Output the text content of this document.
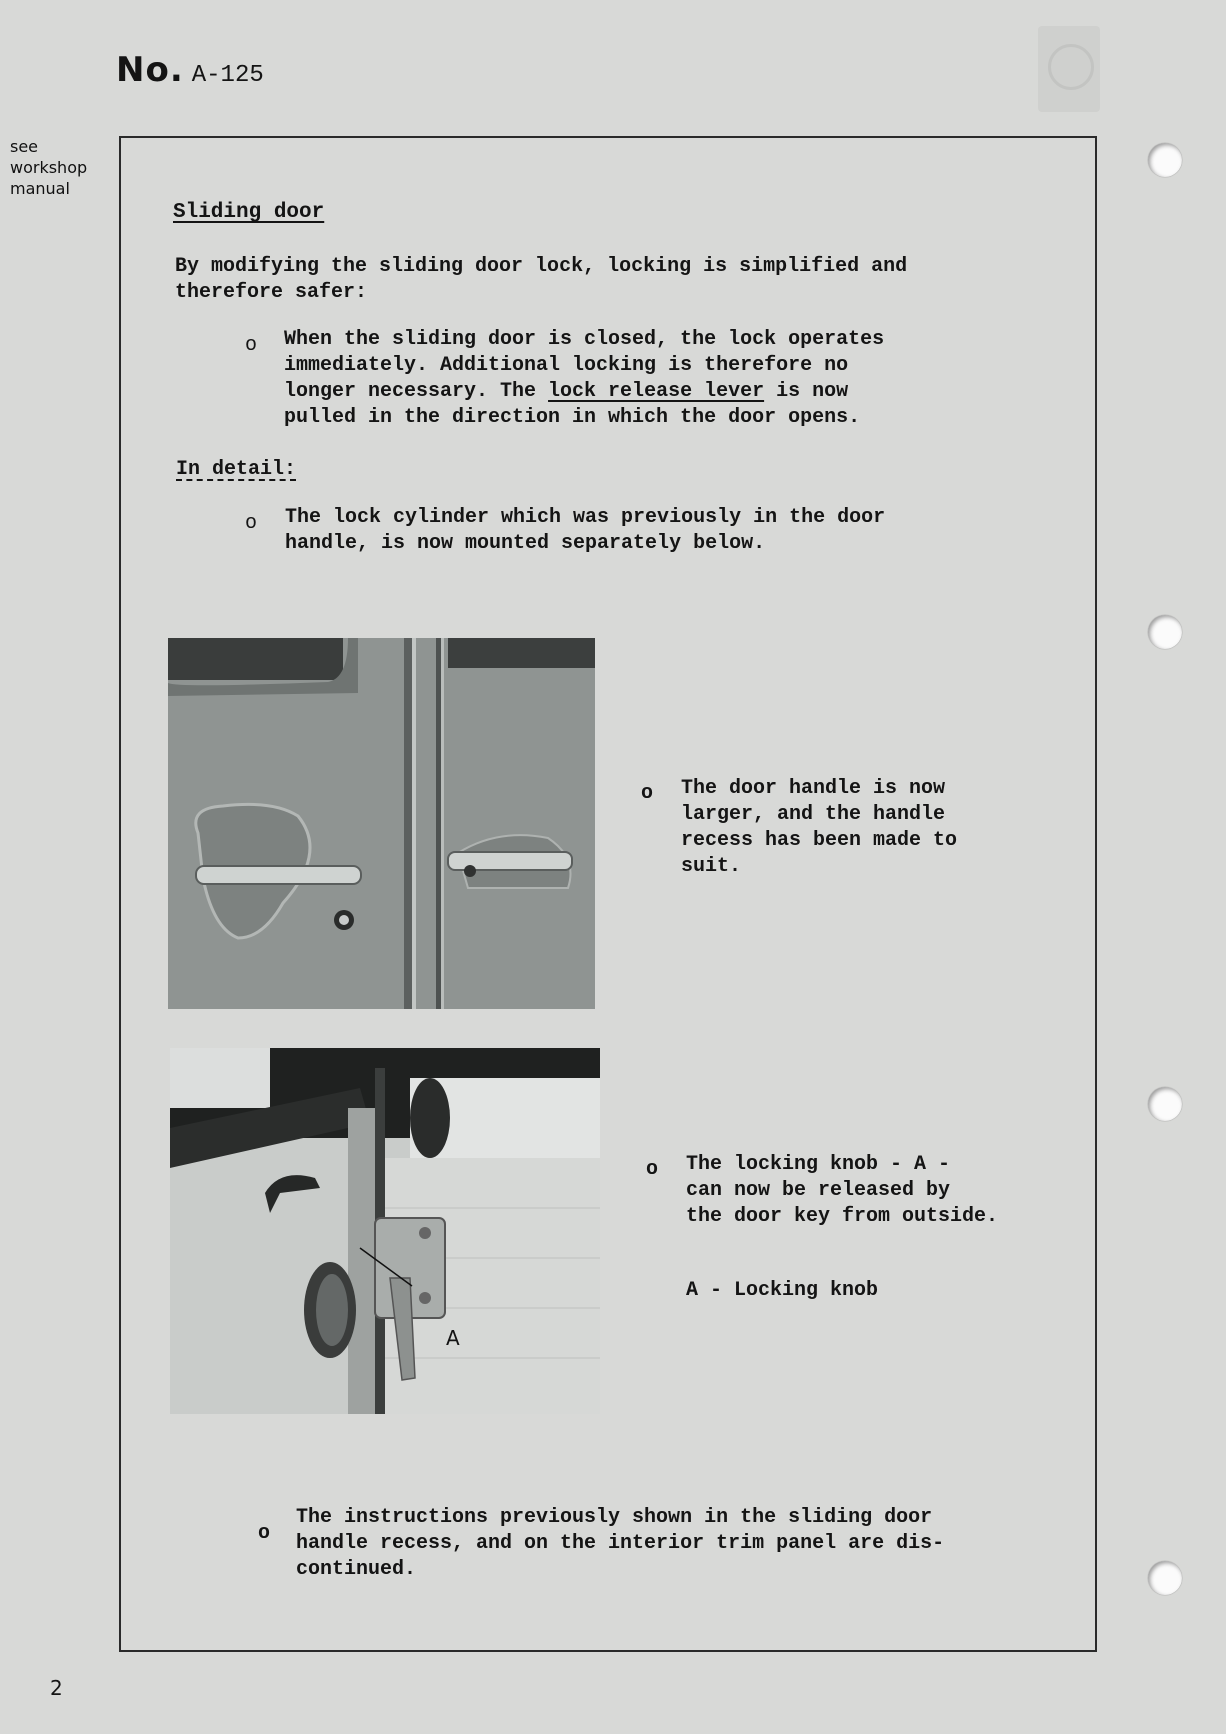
No. A-125
see
workshop
manual
Sliding door
By modifying the sliding door lock, locking is simplified and
therefore safer:
o When the sliding door is closed, the lock operates
immediately. Additional locking is therefore no
longer necessary. The lock release lever is now
pulled in the direction in which the door opens.
In detail:
o The lock cylinder which was previously in the door
handle, is now mounted separately below.
o The door handle is now
larger, and the handle
recess has been made to
suit.
A
o The locking knob - A -
can now be released by
the door key from outside.
A - Locking knob
o
The instructions previously shown in the sliding door
handle recess, and on the interior trim panel are dis-
continued.
2
